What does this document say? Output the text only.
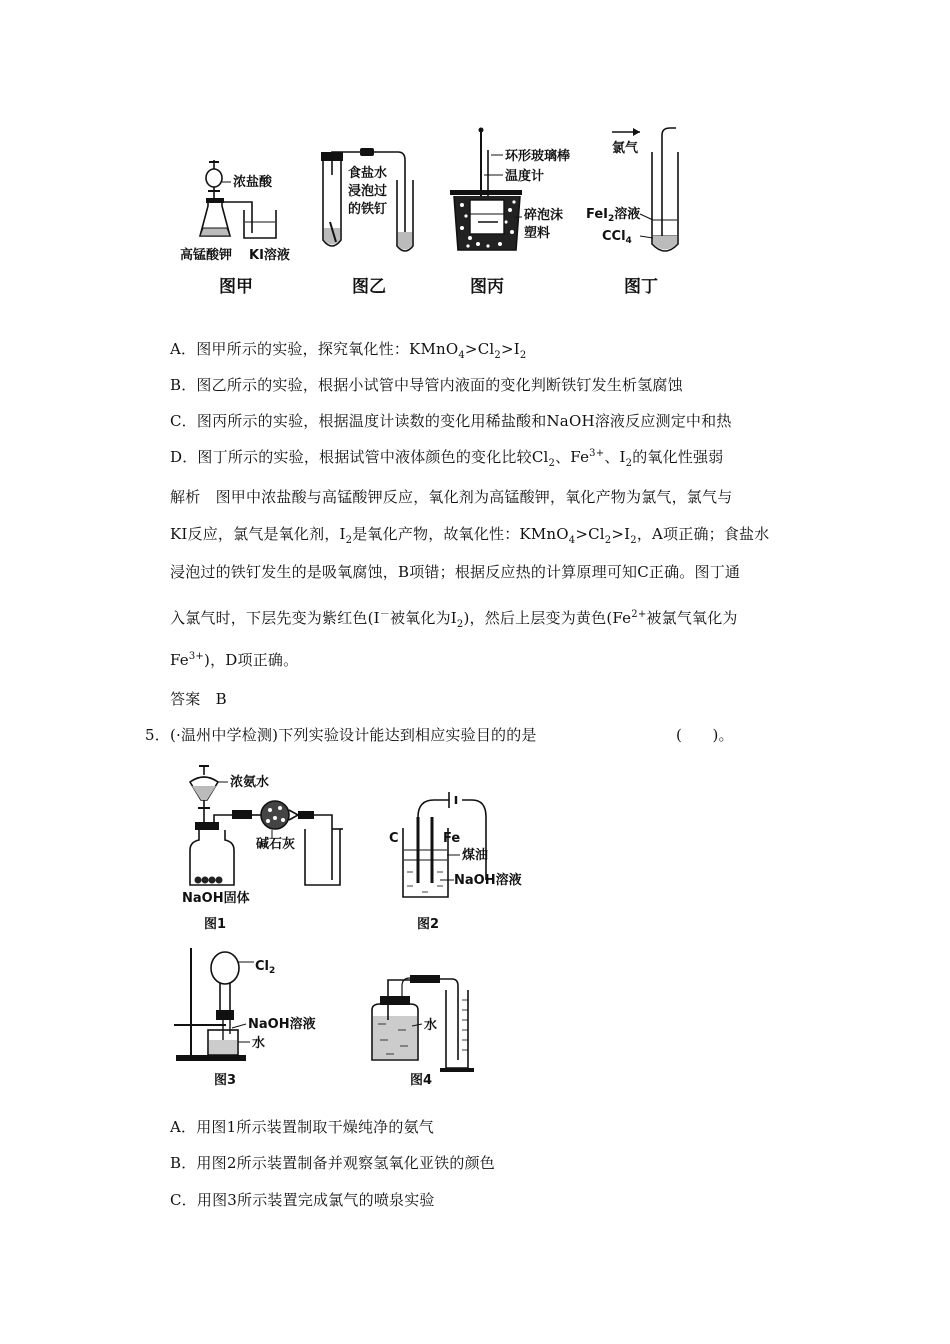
浓盐酸
高锰酸钾 KI溶液
图甲
食盐水
浸泡过
的铁钉
图乙
环形玻璃棒
温度计
碎泡沫
塑料
图丙
氯气
FeI$_2$溶液
CCl$_4$
图丁
A．图甲所示的实验，探究氧化性：$KMnO_4>Cl_2>I_2$
B．图乙所示的实验，根据小试管中导管内液面的变化判断铁钉发生析氢腐蚀
C．图丙所示的实验，根据温度计读数的变化用稀盐酸和NaOH溶液反应测定中和热
D．图丁所示的实验，根据试管中液体颜色的变化比较$Cl_2$、$Fe^{3+}$、$I_2$的氧化性强弱
解析　图甲中浓盐酸与高锰酸钾反应，氧化剂为高锰酸钾，氧化产物为氯气，氯气与
KI反应，氯气是氧化剂，$I_2$是氧化产物，故氧化性：$KMnO_4>Cl_2>I_2$，A项正确；食盐水
浸泡过的铁钉发生的是吸氧腐蚀，B项错；根据反应热的计算原理可知C正确。图丁通
入氯气时，下层先变为紫红色(I－被氧化为$I_2$)，然后上层变为黄色($Fe^{2+}$被氯气氧化为
$Fe^{3+}$)，D项正确。
答案　B
5．(·温州中学检测)下列实验设计能达到相应实验目的的是	(　　)。
浓氨水
碱石灰
NaOH固体
图1
C	Fe
煤油
NaOH溶液
图2
$Cl_2$
NaOH溶液
水
图3
水
图4
A．用图1所示装置制取干燥纯净的氨气
B．用图2所示装置制备并观察氢氧化亚铁的颜色
C．用图3所示装置完成氯气的喷泉实验
